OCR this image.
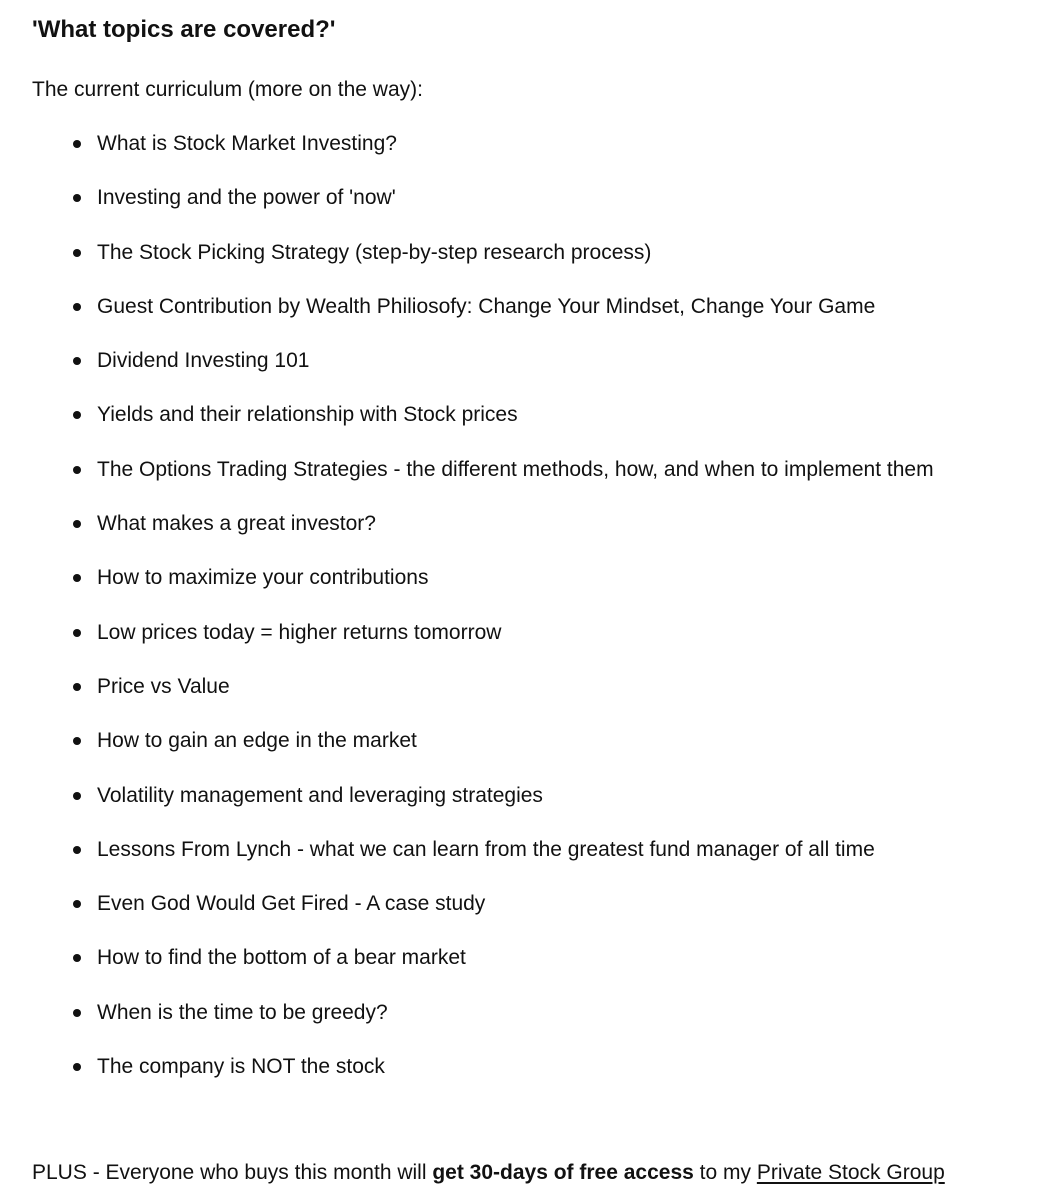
'What topics are covered?'

The current curriculum (more on the way):

What is Stock Market Investing?
Investing and the power of 'now'
The Stock Picking Strategy (step-by-step research process)
Guest Contribution by Wealth Philiosofy: Change Your Mindset, Change Your Game
Dividend Investing 101
Yields and their relationship with Stock prices
The Options Trading Strategies - the different methods, how, and when to implement them
What makes a great investor?
How to maximize your contributions
Low prices today = higher returns tomorrow
Price vs Value
How to gain an edge in the market
Volatility management and leveraging strategies
Lessons From Lynch - what we can learn from the greatest fund manager of all time
Even God Would Get Fired - A case study
How to find the bottom of a bear market
When is the time to be greedy?
The company is NOT the stock

PLUS - Everyone who buys this month will get 30-days of free access to my Private Stock Group
